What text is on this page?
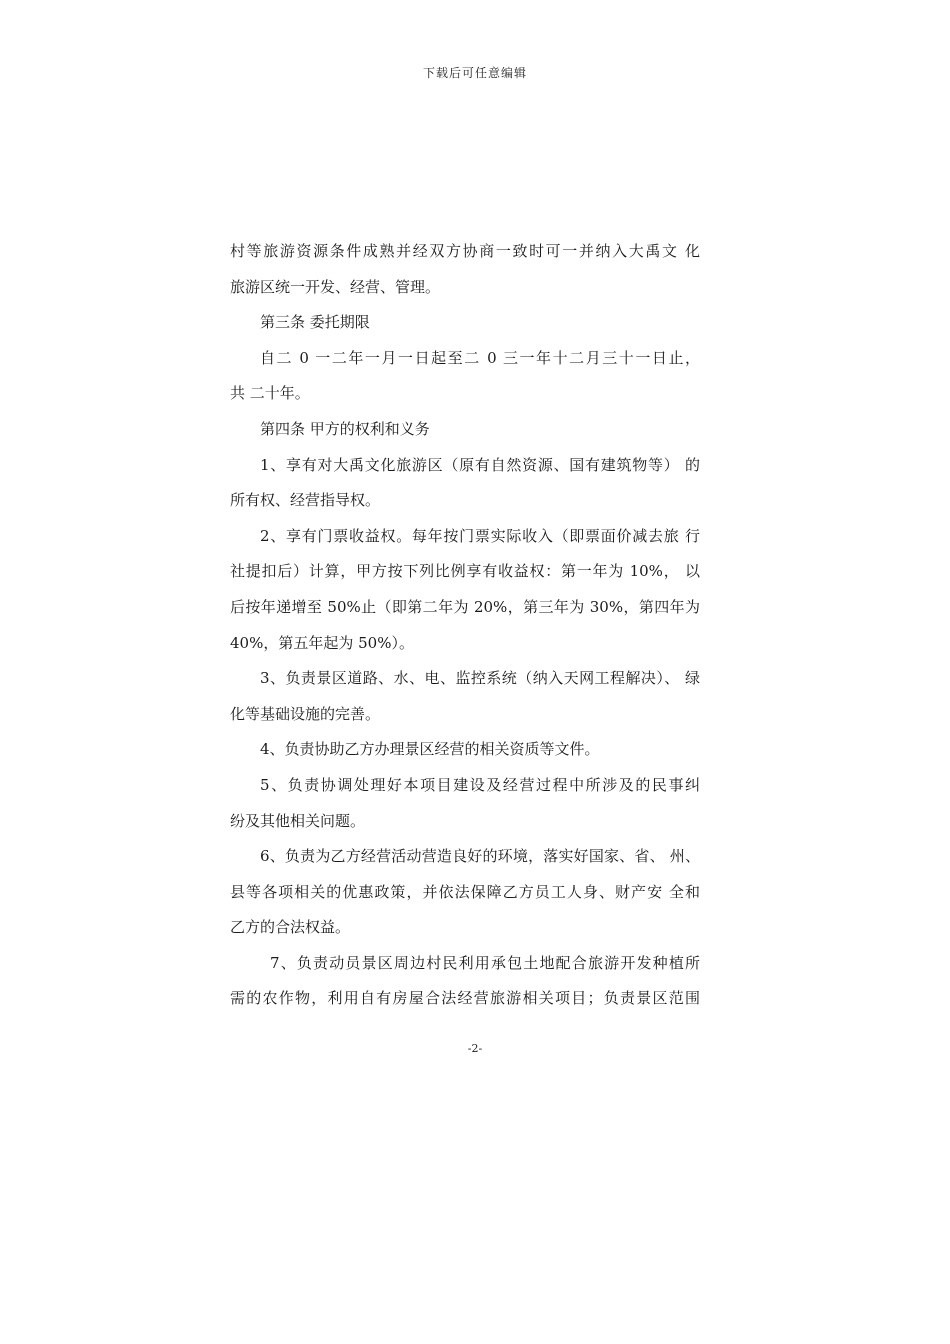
下载后可任意编辑
村等旅游资源条件成熟并经双方协商一致时可一并纳入大禹文 化
旅游区统一开发、经营、管理。
第三条 委托期限
自二 0 一二年一月一日起至二 0 三一年十二月三十一日止，
共 二十年。
第四条 甲方的权利和义务
1、享有对大禹文化旅游区（原有自然资源、国有建筑物等） 的
所有权、经营指导权。
2、享有门票收益权。每年按门票实际收入（即票面价减去旅 行
社提扣后）计算，甲方按下列比例享有收益权：第一年为 10%， 以
后按年递增至 50%止（即第二年为 20%，第三年为 30%，第四年为
40%，第五年起为 50%）。
3、负责景区道路、水、电、监控系统（纳入天网工程解决）、 绿
化等基础设施的完善。
4、负责协助乙方办理景区经营的相关资质等文件。
5、负责协调处理好本项目建设及经营过程中所涉及的民事纠
纷及其他相关问题。
6、负责为乙方经营活动营造良好的环境，落实好国家、省、 州、
县等各项相关的优惠政策，并依法保障乙方员工人身、财产安 全和
乙方的合法权益。
7、负责动员景区周边村民利用承包土地配合旅游开发种植所
需的农作物，利用自有房屋合法经营旅游相关项目；负责景区范围
-2-
